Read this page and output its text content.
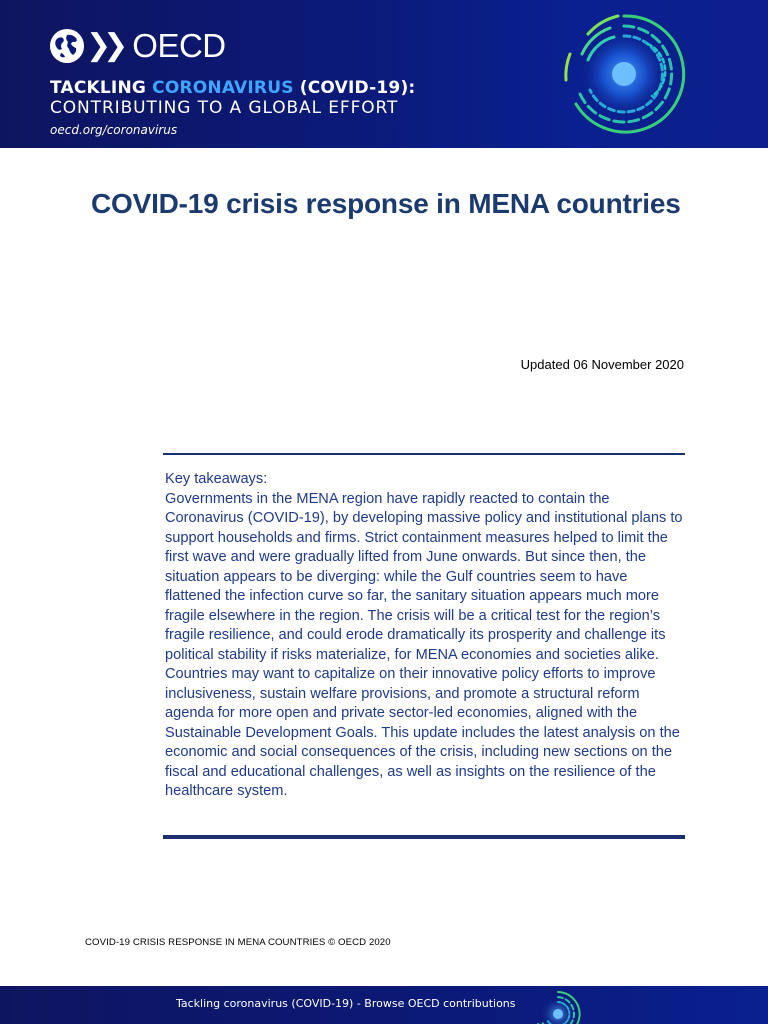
❯❯ OECD
TACKLING CORONAVIRUS (COVID-19):
CONTRIBUTING TO A GLOBAL EFFORT
oecd.org/coronavirus
COVID-19 crisis response in MENA countries
Updated 06 November 2020

Key takeaways:

Governments in the MENA region have rapidly reacted to contain the Coronavirus (COVID-19), by developing massive policy and institutional plans to support households and firms. Strict containment measures helped to limit the first wave and were gradually lifted from June onwards. But since then, the situation appears to be diverging: while the Gulf countries seem to have flattened the infection curve so far, the sanitary situation appears much more fragile elsewhere in the region. The crisis will be a critical test for the region’s fragile resilience, and could erode dramatically its prosperity and challenge its political stability if risks materialize, for MENA economies and societies alike. Countries may want to capitalize on their innovative policy efforts to improve inclusiveness, sustain welfare provisions, and promote a structural reform agenda for more open and private sector-led economies, aligned with the Sustainable Development Goals. This update includes the latest analysis on the economic and social consequences of the crisis, including new sections on the fiscal and educational challenges, as well as insights on the resilience of the healthcare system.

COVID-19 CRISIS RESPONSE IN MENA COUNTRIES © OECD 2020
Tackling coronavirus (COVID-19) - Browse OECD contributions
